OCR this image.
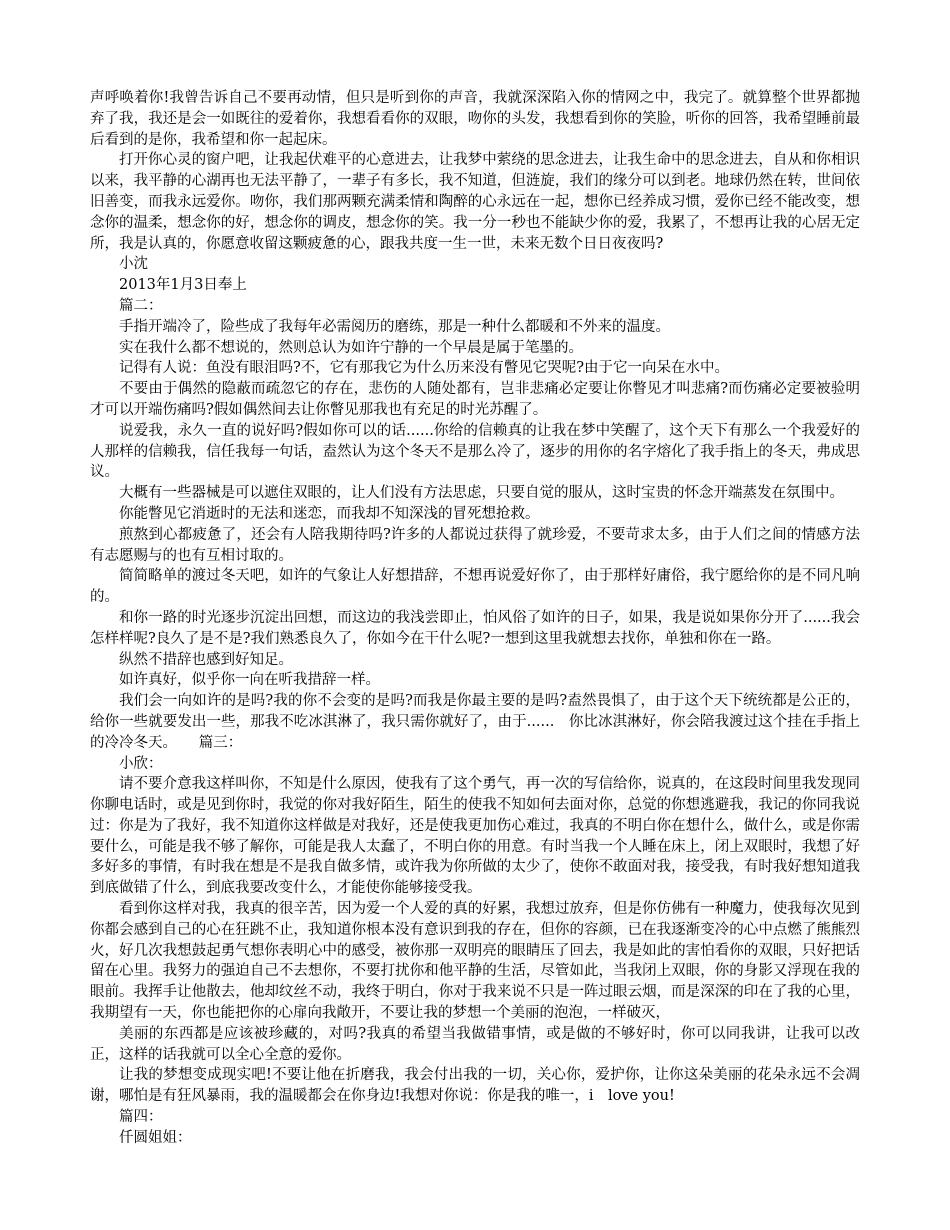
声呼唤着你!我曾告诉自己不要再动情，但只是听到你的声音，我就深深陷入你的情网之中，我完了。就算整个世界都抛弃了我，我还是会一如既往的爱着你，我想看看你的双眼，吻你的头发，我想看到你的笑脸，听你的回答，我希望睡前最后看到的是你，我希望和你一起起床。

打开你心灵的窗户吧，让我起伏难平的心意进去，让我梦中萦绕的思念进去，让我生命中的思念进去，自从和你相识以来，我平静的心湖再也无法平静了，一辈子有多长，我不知道，但涟旋，我们的缘分可以到老。地球仍然在转，世间依旧善变，而我永远爱你。吻你，我们那两颗充满柔情和陶醉的心永远在一起，想你已经养成习惯，爱你已经不能改变，想念你的温柔，想念你的好，想念你的调皮，想念你的笑。我一分一秒也不能缺少你的爱，我累了，不想再让我的心居无定所，我是认真的，你愿意收留这颗疲惫的心，跟我共度一生一世，未来无数个日日夜夜吗?

小沈

2013年1月3日奉上

篇二：

手指开端冷了，险些成了我每年必需阅历的磨练，那是一种什么都暖和不外来的温度。

实在我什么都不想说的，然则总认为如许宁静的一个早晨是属于笔墨的。

记得有人说：鱼没有眼泪吗?不，它有那我它为什么历来没有瞥见它哭呢?由于它一向呆在水中。

不要由于偶然的隐蔽而疏忽它的存在，悲伤的人随处都有，岂非悲痛必定要让你瞥见才叫悲痛?而伤痛必定要被验明才可以开端伤痛吗?假如偶然间去让你瞥见那我也有充足的时光苏醒了。

说爱我，永久一直的说好吗?假如你可以的话......你给的信赖真的让我在梦中笑醒了，这个天下有那么一个我爱好的人那样的信赖我，信任我每一句话，盍然认为这个冬天不是那么冷了，逐步的用你的名字熔化了我手指上的冬天，弗成思议。

大概有一些器械是可以遮住双眼的，让人们没有方法思虑，只要自觉的服从，这时宝贵的怀念开端蒸发在氛围中。

你能瞥见它消逝时的无法和迷恋，而我却不知深浅的冒死想抢救。

煎熬到心都疲惫了，还会有人陪我期待吗?许多的人都说过获得了就珍爱，不要苛求太多，由于人们之间的情感方法有志愿赐与的也有互相讨取的。

简简略单的渡过冬天吧，如许的气象让人好想措辞，不想再说爱好你了，由于那样好庸俗，我宁愿给你的是不同凡响的。

和你一路的时光逐步沉淀出回想，而这边的我浅尝即止，怕风俗了如许的日子，如果，我是说如果你分开了......我会怎样样呢?良久了是不是?我们熟悉良久了，你如今在干什么呢?一想到这里我就想去找你，单独和你在一路。

纵然不措辞也感到好知足。

如许真好，似乎你一向在听我措辞一样。

我们会一向如许的是吗?我的你不会变的是吗?而我是你最主要的是吗?盍然畏惧了，由于这个天下统统都是公正的，给你一些就要发出一些，那我不吃冰淇淋了，我只需你就好了，由于......　你比冰淇淋好，你会陪我渡过这个挂在手指上的冷冷冬天。　　篇三：

小欣：

请不要介意我这样叫你，不知是什么原因，使我有了这个勇气，再一次的写信给你，说真的，在这段时间里我发现同你聊电话时，或是见到你时，我觉的你对我好陌生，陌生的使我不知如何去面对你，总觉的你想逃避我，我记的你同我说过：你是为了我好，我不知道你这样做是对我好，还是使我更加伤心难过，我真的不明白你在想什么，做什么，或是你需要什么，可能是我不够了解你，可能是我人太蠢了，不明白你的用意。有时当我一个人睡在床上，闭上双眼时，我想了好多好多的事情，有时我在想是不是我自做多情，或许我为你所做的太少了，使你不敢面对我，接受我，有时我好想知道我到底做错了什么，到底我要改变什么，才能使你能够接受我。

看到你这样对我，我真的很辛苦，因为爱一个人爱的真的好累，我想过放弃，但是你仿佛有一种魔力，使我每次见到你都会感到自己的心在狂跳不止，我知道你根本没有意识到我的存在，但你的容颜，已在我逐渐变冷的心中点燃了熊熊烈火，好几次我想鼓起勇气想你表明心中的感受，被你那一双明亮的眼睛压了回去，我是如此的害怕看你的双眼，只好把话留在心里。我努力的强迫自己不去想你，不要打扰你和他平静的生活，尽管如此，当我闭上双眼，你的身影又浮现在我的眼前。我挥手让他散去，他却纹丝不动，我终于明白，你对于我来说不只是一阵过眼云烟，而是深深的印在了我的心里，我期望有一天，你也能把你的心扉向我敞开，不要让我的梦想一个美丽的泡泡，一样破灭，

美丽的东西都是应该被珍藏的，对吗?我真的希望当我做错事情，或是做的不够好时，你可以同我讲，让我可以改正，这样的话我就可以全心全意的爱你。

让我的梦想变成现实吧!不要让他在折磨我，我会付出我的一切，关心你，爱护你，让你这朵美丽的花朵永远不会凋谢，哪怕是有狂风暴雨，我的温暖都会在你身边!我想对你说：你是我的唯一，i　love you!

篇四：

仟圆姐姐：
